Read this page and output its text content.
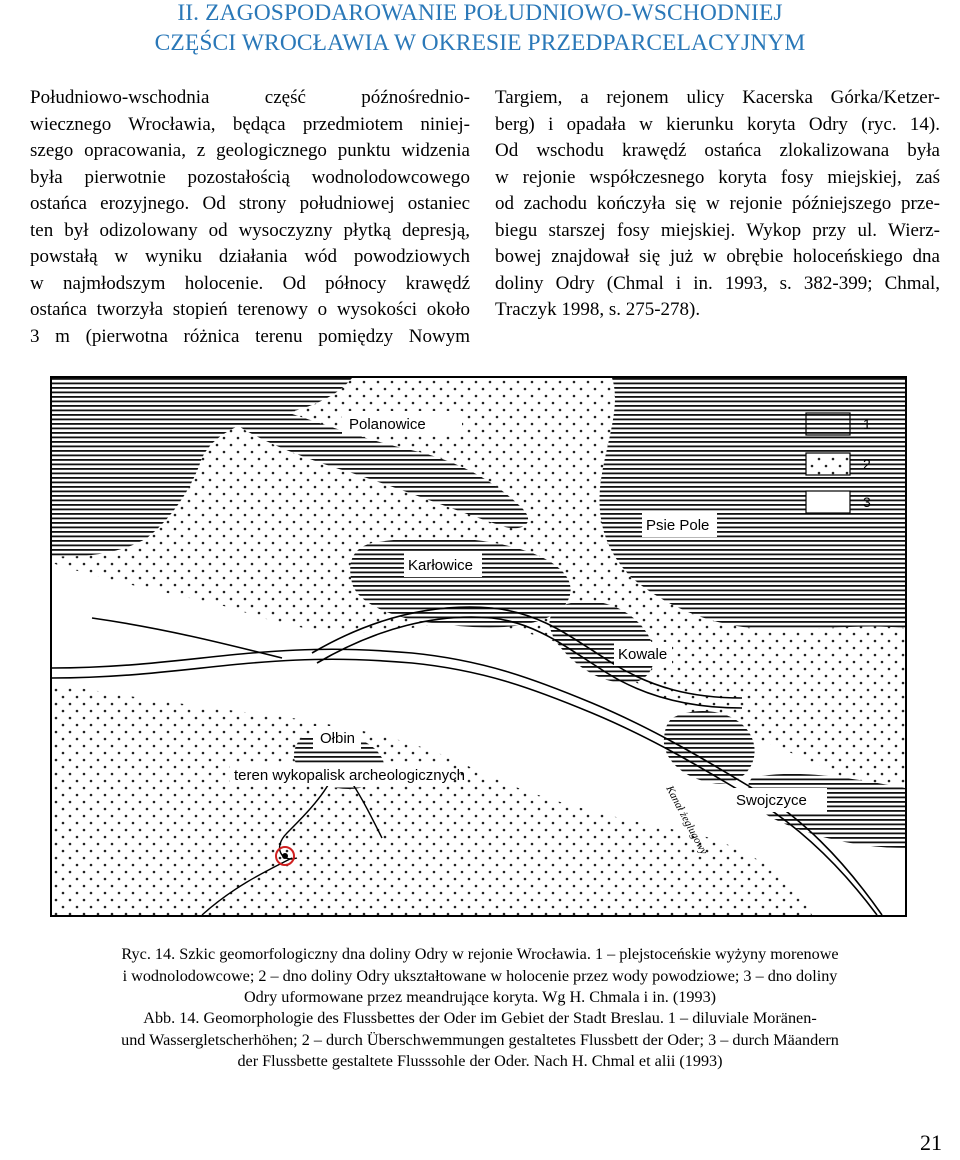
II. ZAGOSPODAROWANIE POŁUDNIOWO-WSCHODNIEJ
CZĘŚCI WROCŁAWIA W OKRESIE PRZEDPARCELACYJNYM
Południowo-wschodnia część późnośrednio-
wiecznego Wrocławia, będąca przedmiotem niniej-
szego opracowania, z geologicznego punktu widzenia
była pierwotnie pozostałością wodnolodowcowego
ostańca erozyjnego. Od strony południowej ostaniec
ten był odizolowany od wysoczyzny płytką depresją,
powstałą w wyniku działania wód powodziowych
w najmłodszym holocenie. Od północy krawędź
ostańca tworzyła stopień terenowy o wysokości około
3 m (pierwotna różnica terenu pomiędzy Nowym
Targiem, a rejonem ulicy Kacerska Górka/Ketzer-
berg) i opadała w kierunku koryta Odry (ryc. 14).
Od wschodu krawędź ostańca zlokalizowana była
w rejonie współczesnego koryta fosy miejskiej, zaś
od zachodu kończyła się w rejonie późniejszego prze-
biegu starszej fosy miejskiej. Wykop przy ul. Wierz-
bowej znajdował się już w obrębie holoceńskiego dna
doliny Odry (Chmal i in. 1993, s. 382-399; Chmal,
Traczyk 1998, s. 275-278).
Polanowice
Karłowice
Psie Pole
Kowale
Ołbin
teren wykopalisk archeologicznych
Swojczyce
Kanał żeglugowy
1
2
3
Ryc. 14. Szkic geomorfologiczny dna doliny Odry w rejonie Wrocławia. 1 – plejstoceńskie wyżyny morenowe
i wodnolodowcowe; 2 – dno doliny Odry ukształtowane w holocenie przez wody powodziowe; 3 – dno doliny
Odry uformowane przez meandrujące koryta. Wg H. Chmala i in. (1993)
Abb. 14. Geomorphologie des Flussbettes der Oder im Gebiet der Stadt Breslau. 1 – diluviale Moränen-
und Wassergletscherhöhen; 2 – durch Überschwemmungen gestaltetes Flussbett der Oder; 3 – durch Mäandern
der Flussbette gestaltete Flusssohle der Oder. Nach H. Chmal et alii (1993)
21
